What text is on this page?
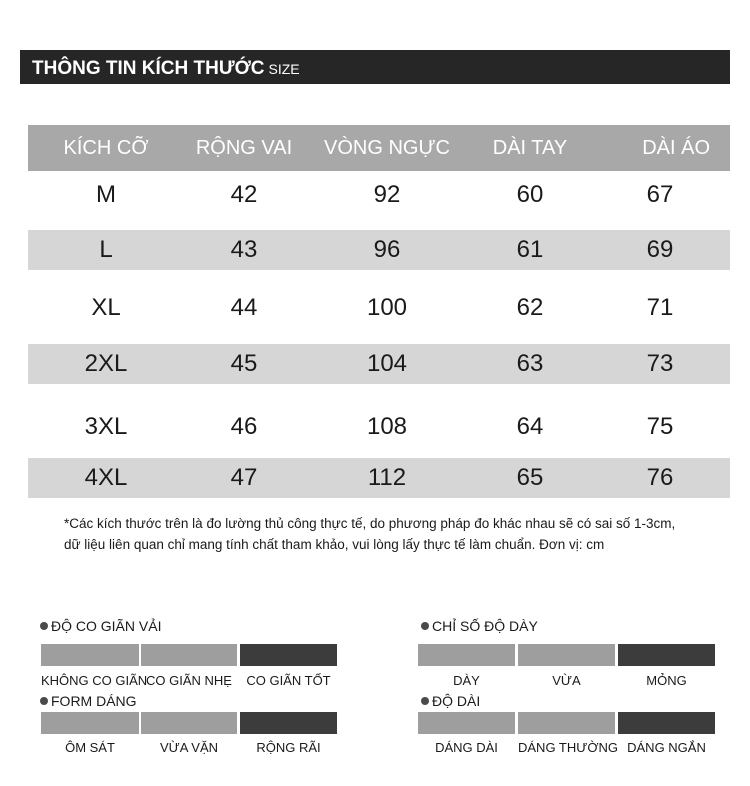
THÔNG TIN KÍCH THƯỚC SIZE
KÍCH CỠ	RỘNG VAI	VÒNG NGỰC	DÀI TAY	DÀI ÁO
M	42	92	60	67
L	43	96	61	69
XL	44	100	62	71
2XL	45	104	63	73
3XL	46	108	64	75
4XL	47	112	65	76
*Các kích thước trên là đo lường thủ công thực tế, do phương pháp đo khác nhau sẽ có sai số 1-3cm,
dữ liệu liên quan chỉ mang tính chất tham khảo, vui lòng lấy thực tế làm chuẩn. Đơn vị: cm
ĐỘ CO GIÃN VẢI
KHÔNG CO GIÃN
CO GIÃN NHẸ	CO GIÃN TỐT
FORM DÁNG
ÔM SÁT	VỪA VẶN	RỘNG RÃI
CHỈ SỐ ĐỘ DÀY
DÀY	VỪA	MỎNG
ĐỘ DÀI
DÁNG DÀI	DÁNG THƯỜNG DÁNG NGẮN
